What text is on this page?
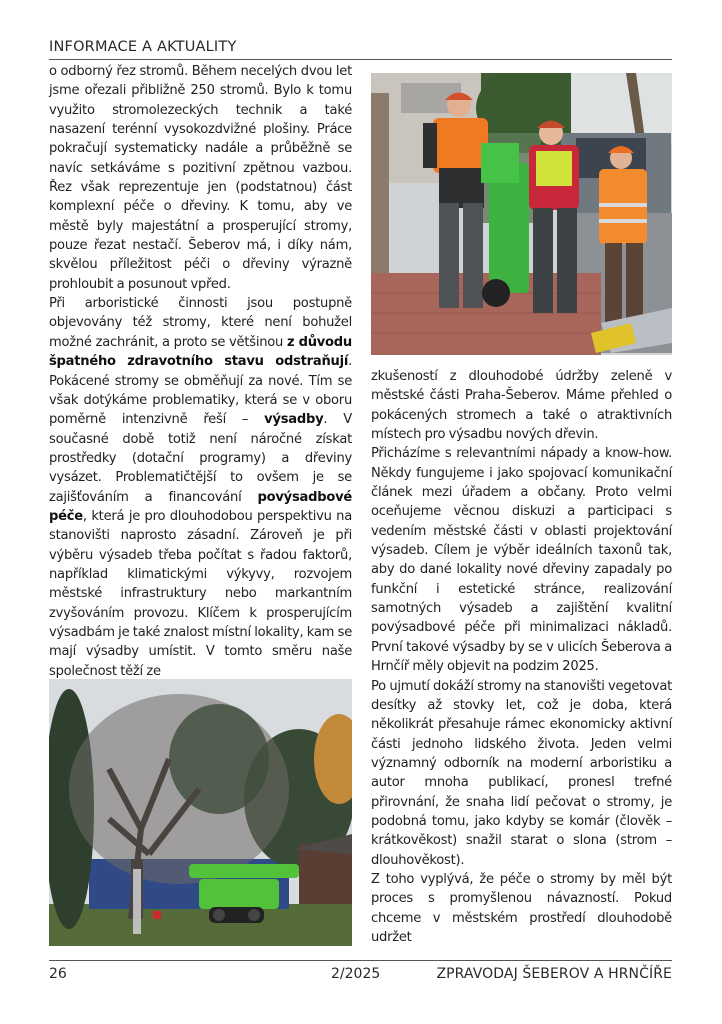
INFORMACE A AKTUALITY

o odborný řez stromů. Během necelých dvou let jsme ořezali přibližně 250 stromů. Bylo k tomu využito stromolezeckých technik a také nasazení terénní vysokozdvižné plošiny. Práce pokračují systematicky nadále a průběžně se navíc setkáváme s pozitivní zpětnou vazbou. Řez však reprezentuje jen (podstatnou) část komplexní péče o dřeviny. K tomu, aby ve městě byly majestátní a prosperující stromy, pouze řezat nestačí. Šeberov má, i díky nám, skvělou příležitost péči o dřeviny výrazně prohloubit a posunout vpřed.

Při arboristické činnosti jsou postupně objevovány též stromy, které není bohužel možné zachránit, a proto se většinou z důvodu špatného zdravotního stavu odstraňují. Pokácené stromy se obměňují za nové. Tím se však dotýkáme problematiky, která se v oboru poměrně intenzivně řeší – výsadby. V současné době totiž není náročné získat prostředky (dotační programy) a dřeviny vysázet. Problematičtější to ovšem je se zajišťováním a financování povýsadbové péče, která je pro dlouhodobou perspektivu na stanovišti naprosto zásadní. Zároveň je při výběru výsadeb třeba počítat s řadou faktorů, například klimatickými výkyvy, rozvojem městské infrastruktury nebo markantním zvyšováním provozu. Klíčem k prosperujícím výsadbám je také znalost místní lokality, kam se mají výsadby umístit. V tomto směru naše společnost těží ze

zkušeností z dlouhodobé údržby zeleně v městské části Praha-Šeberov. Máme přehled o pokácených stromech a také o atraktivních místech pro výsadbu nových dřevin.

Přicházíme s relevantními nápady a know-how. Někdy fungujeme i jako spojovací komunikační článek mezi úřadem a občany. Proto velmi oceňujeme věcnou diskuzi a participaci s vedením městské části v oblasti projektování výsadeb. Cílem je výběr ideálních taxonů tak, aby do dané lokality nové dřeviny zapadaly po funkční i estetické stránce, realizování samotných výsadeb a zajištění kvalitní povýsadbové péče při minimalizaci nákladů. První takové výsadby by se v ulicích Šeberova a Hrnčíř měly objevit na podzim 2025.

Po ujmutí dokáží stromy na stanovišti vegetovat desítky až stovky let, což je doba, která několikrát přesahuje rámec ekonomicky aktivní části jednoho lidského života. Jeden velmi významný odborník na moderní arboristiku a autor mnoha publikací, pronesl trefné přirovnání, že snaha lidí pečovat o stromy, je podobná tomu, jako kdyby se komár (člověk – krátkověkost) snažil starat o slona (strom – dlouhověkost).

Z toho vyplývá, že péče o stromy by měl být proces s promyšlenou návazností. Pokud chceme v městském prostředí dlouhodobě udržet

26	2/2025	ZPRAVODAJ ŠEBEROV A HRNČÍŘE
